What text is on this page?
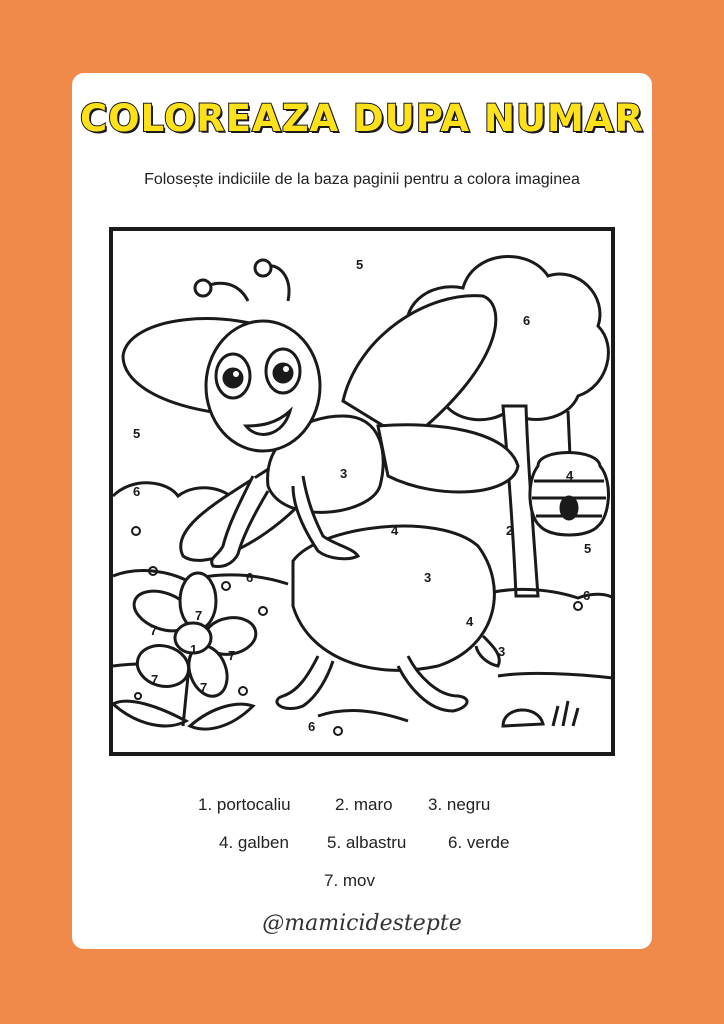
COLOREAZA DUPA NUMAR
Folosește indiciile de la baza paginii pentru a colora imaginea
5
6
5
6
3	4
4	2
5
6	3
6
4
3
7
7
1 7
7
7
6
1. portocaliu	2. maro 3. negru
4. galben 5. albastru 6. verde
7. mov
@mamicidestepte
